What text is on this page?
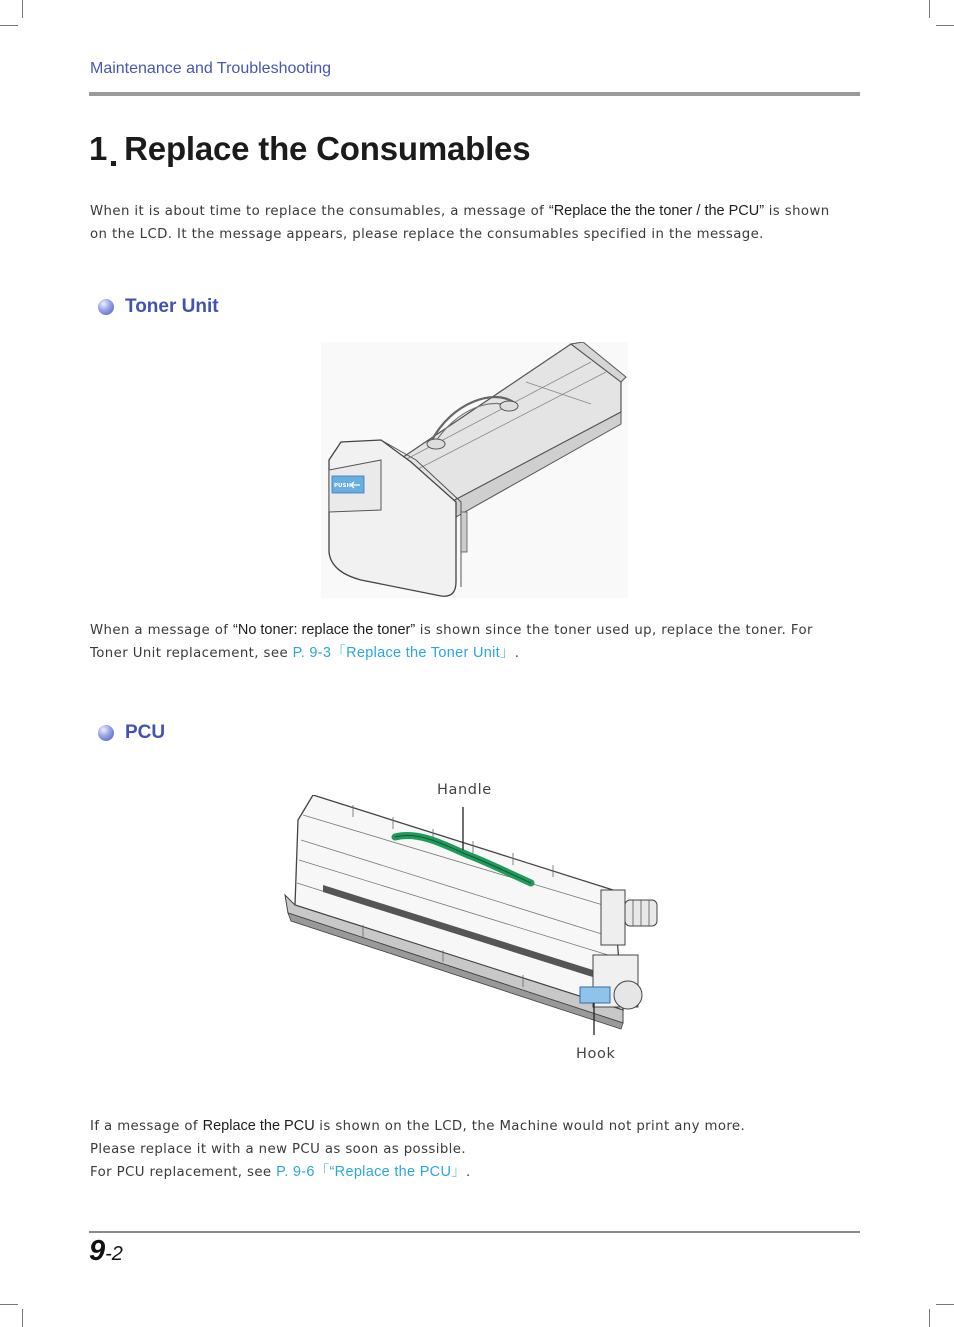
Maintenance and Troubleshooting
1 Replace the Consumables

When it is about time to replace the consumables, a message of “Replace the the toner / the PCU” is shown on the LCD. It the message appears, please replace the consumables specified in the message.

Toner Unit
PUSH

When a message of “No toner: replace the toner” is shown since the toner used up, replace the toner. For Toner Unit replacement, see P. 9-3「Replace the Toner Unit」.

PCU
Handle
Hook

If a message of Replace the PCU is shown on the LCD, the Machine would not print any more.
Please replace it with a new PCU as soon as possible.
For PCU replacement, see P. 9-6「“Replace the PCU」.

9-2
